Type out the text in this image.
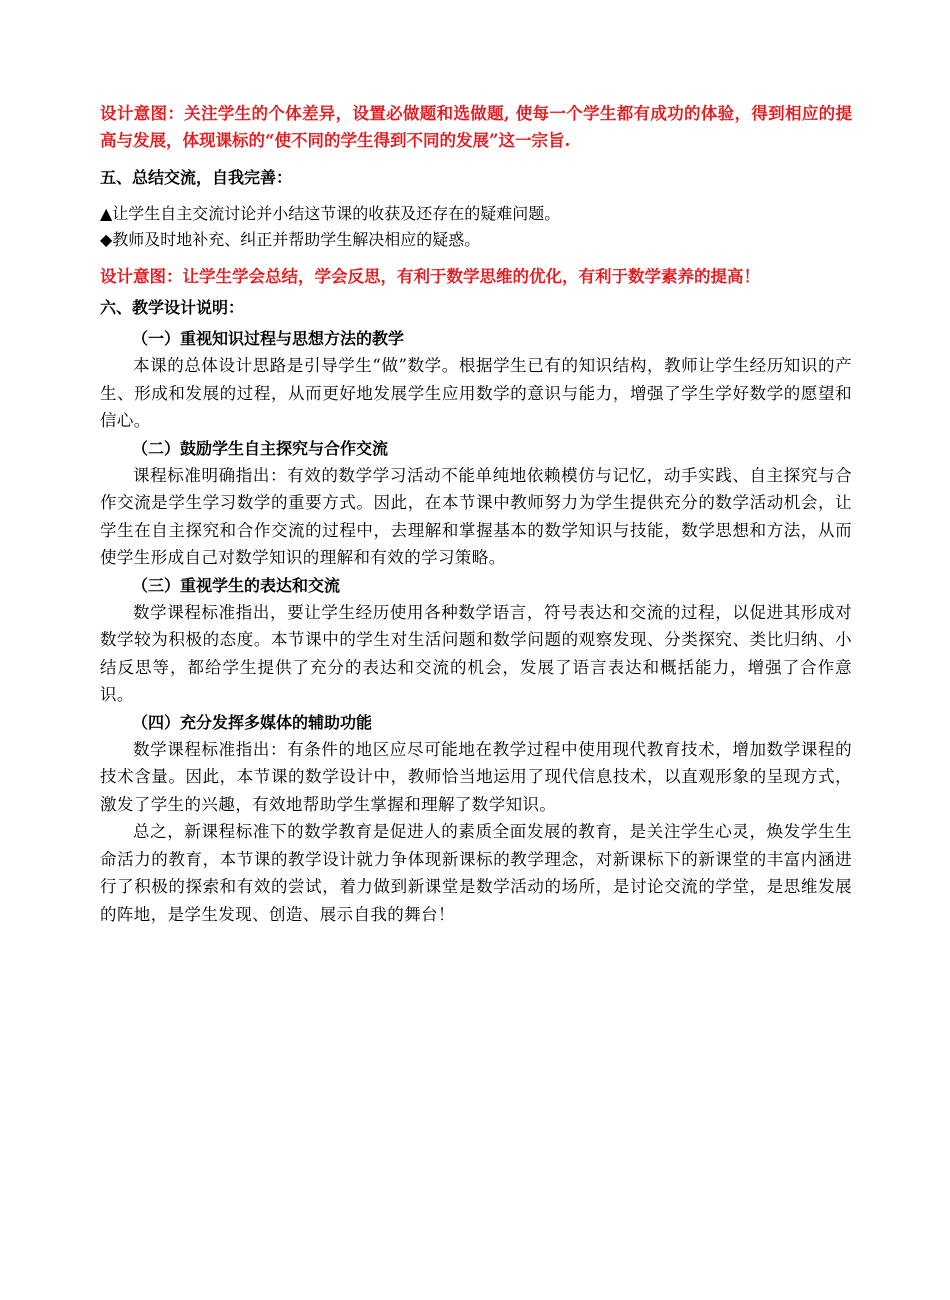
设计意图：关注学生的个体差异，设置必做题和选做题, 使每一个学生都有成功的体验，得到相应的提高与发展，体现课标的“使不同的学生得到不同的发展”这一宗旨.

五、总结交流，自我完善：

▲让学生自主交流讨论并小结这节课的收获及还存在的疑难问题。

◆教师及时地补充、纠正并帮助学生解决相应的疑惑。

设计意图：让学生学会总结，学会反思，有利于数学思维的优化，有利于数学素养的提高！

六、教学设计说明：

（一）重视知识过程与思想方法的教学

本课的总体设计思路是引导学生“做”数学。根据学生已有的知识结构，教师让学生经历知识的产生、形成和发展的过程，从而更好地发展学生应用数学的意识与能力，增强了学生学好数学的愿望和信心。

（二）鼓励学生自主探究与合作交流

课程标准明确指出：有效的数学学习活动不能单纯地依赖模仿与记忆，动手实践、自主探究与合作交流是学生学习数学的重要方式。因此，在本节课中教师努力为学生提供充分的数学活动机会，让学生在自主探究和合作交流的过程中，去理解和掌握基本的数学知识与技能，数学思想和方法，从而使学生形成自己对数学知识的理解和有效的学习策略。

（三）重视学生的表达和交流

数学课程标准指出，要让学生经历使用各种数学语言，符号表达和交流的过程，以促进其形成对数学较为积极的态度。本节课中的学生对生活问题和数学问题的观察发现、分类探究、类比归纳、小结反思等，都给学生提供了充分的表达和交流的机会，发展了语言表达和概括能力，增强了合作意识。

（四）充分发挥多媒体的辅助功能

数学课程标准指出：有条件的地区应尽可能地在教学过程中使用现代教育技术，增加数学课程的技术含量。因此，本节课的数学设计中，教师恰当地运用了现代信息技术，以直观形象的呈现方式，激发了学生的兴趣，有效地帮助学生掌握和理解了数学知识。

总之，新课程标准下的数学教育是促进人的素质全面发展的教育，是关注学生心灵，焕发学生生命活力的教育，本节课的教学设计就力争体现新课标的教学理念，对新课标下的新课堂的丰富内涵进行了积极的探索和有效的尝试，着力做到新课堂是数学活动的场所，是讨论交流的学堂，是思维发展的阵地，是学生发现、创造、展示自我的舞台！
